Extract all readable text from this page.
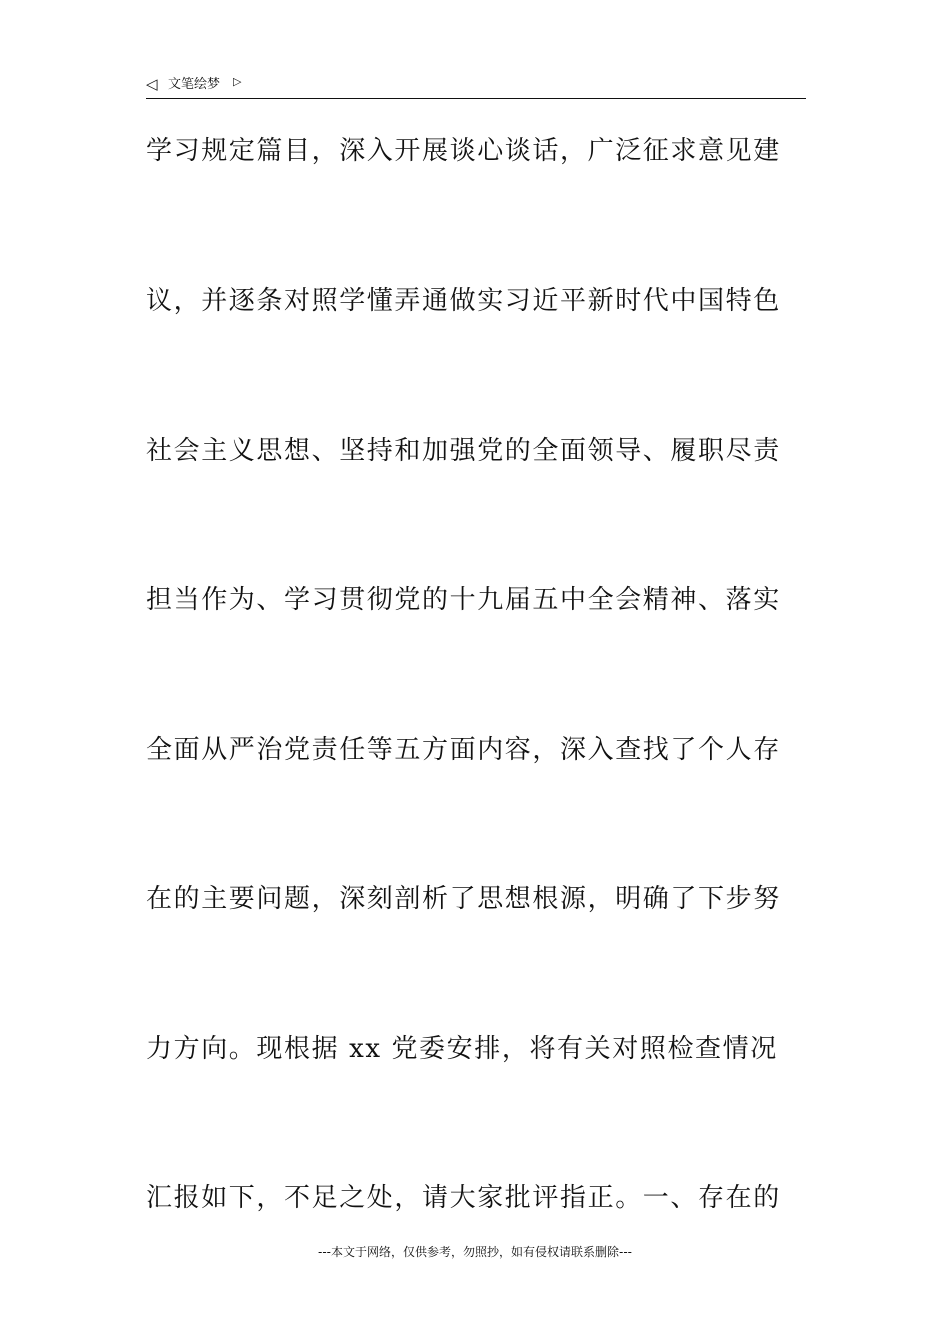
◁ 文笔绘梦 ▷
学习规定篇目，深入开展谈心谈话，广泛征求意见建
议，并逐条对照学懂弄通做实习近平新时代中国特色
社会主义思想、坚持和加强党的全面领导、履职尽责
担当作为、学习贯彻党的十九届五中全会精神、落实
全面从严治党责任等五方面内容，深入查找了个人存
在的主要问题，深刻剖析了思想根源，明确了下步努
力方向。现根据 xx 党委安排，将有关对照检查情况
汇报如下，不足之处，请大家批评指正。一、存在的
---本文于网络，仅供参考，勿照抄，如有侵权请联系删除---
